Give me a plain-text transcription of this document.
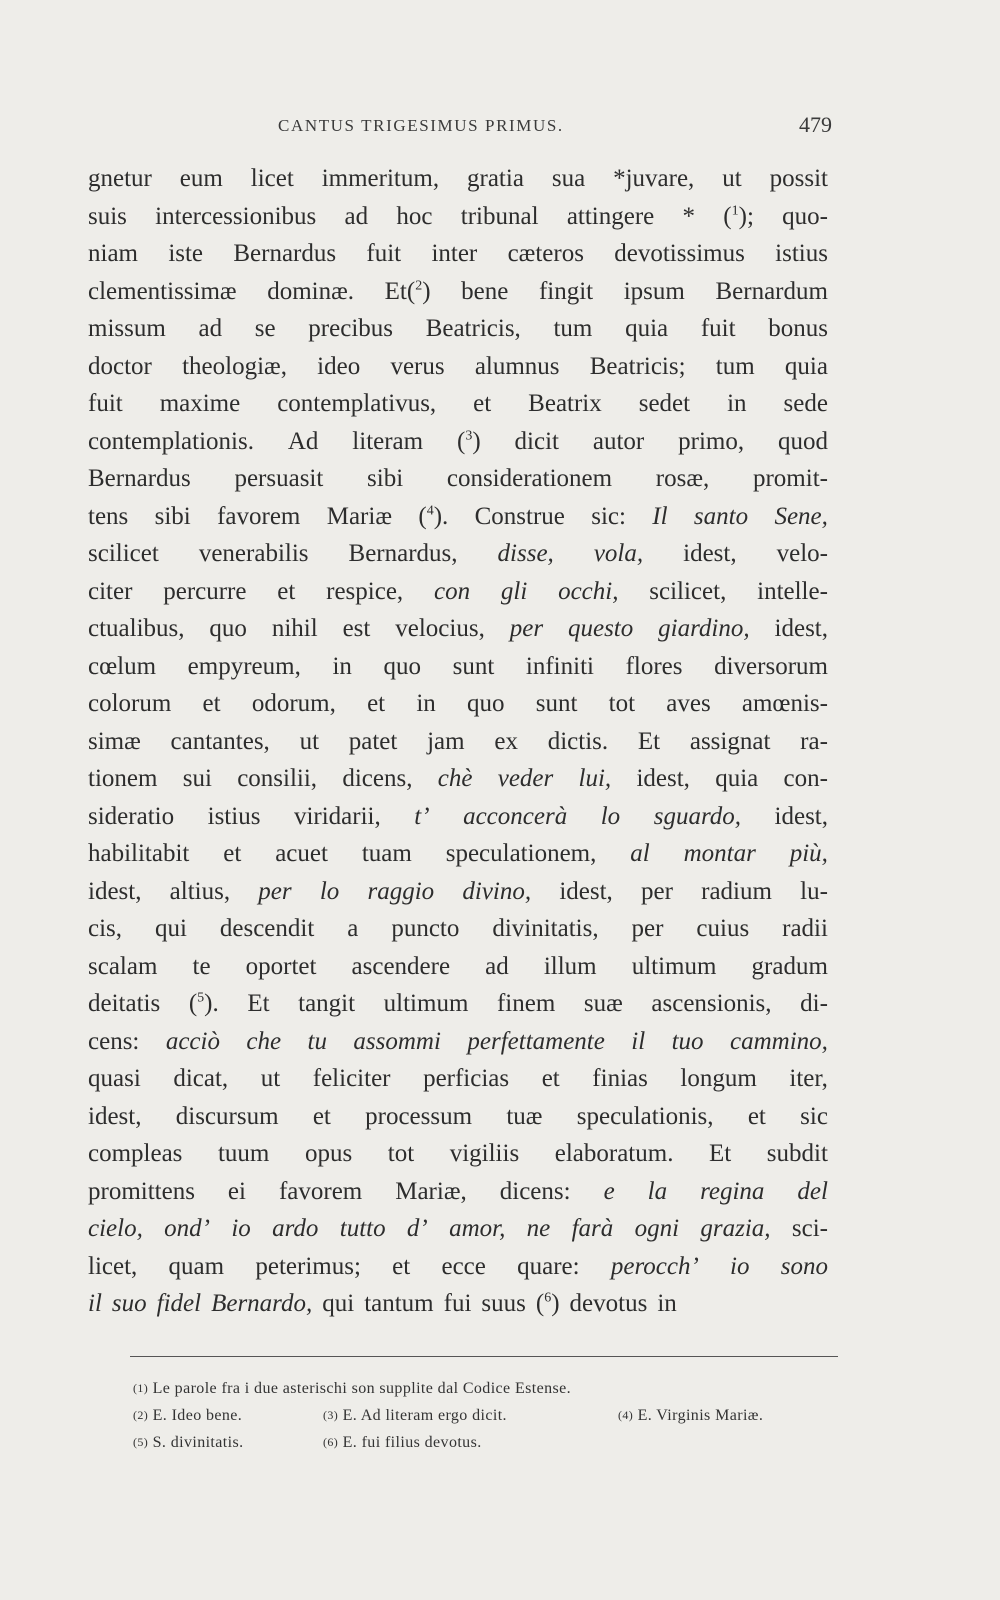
CANTUS TRIGESIMUS PRIMUS.	479
gnetur eum licet immeritum, gratia sua *juvare, ut possit
suis intercessionibus ad hoc tribunal attingere * ($^1$); quo-
niam iste Bernardus fuit inter cæteros devotissimus istius
clementissimæ dominæ. Et($^2$) bene fingit ipsum Bernardum
missum ad se precibus Beatricis, tum quia fuit bonus
doctor theologiæ, ideo verus alumnus Beatricis; tum quia
fuit maxime contemplativus, et Beatrix sedet in sede
contemplationis. Ad literam ($^3$) dicit autor primo, quod
Bernardus persuasit sibi considerationem rosæ, promit-
tens sibi favorem Mariæ ($^4$). Construe sic: Il santo Sene,
scilicet venerabilis Bernardus, disse, vola, idest, velo-
citer percurre et respice, con gli occhi, scilicet, intelle-
ctualibus, quo nihil est velocius, per questo giardino, idest,
cœlum empyreum, in quo sunt infiniti flores diversorum
colorum et odorum, et in quo sunt tot aves amœnis-
simæ cantantes, ut patet jam ex dictis. Et assignat ra-
tionem sui consilii, dicens, chè veder lui, idest, quia con-
sideratio istius viridarii, t’ acconcerà lo sguardo, idest,
habilitabit et acuet tuam speculationem, al montar più,
idest, altius, per lo raggio divino, idest, per radium lu-
cis, qui descendit a puncto divinitatis, per cuius radii
scalam te oportet ascendere ad illum ultimum gradum
deitatis ($^5$). Et tangit ultimum finem suæ ascensionis, di-
cens: acciò che tu assommi perfettamente il tuo cammino,
quasi dicat, ut feliciter perficias et finias longum iter,
idest, discursum et processum tuæ speculationis, et sic
compleas tuum opus tot vigiliis elaboratum. Et subdit
promittens ei favorem Mariæ, dicens: e la regina del
cielo, ond’ io ardo tutto d’ amor, ne farà ogni grazia, sci-
licet, quam peterimus; et ecce quare: perocch’ io sono
il suo fidel Bernardo, qui tantum fui suus ($^6$) devotus in
(1) Le parole fra i due asterischi son supplite dal Codice Estense.
(2) E. Ideo bene.	(3) E. Ad literam ergo dicit.	(4) E. Virginis Mariæ.
(5) S. divinitatis.	(6) E. fui filius devotus.
